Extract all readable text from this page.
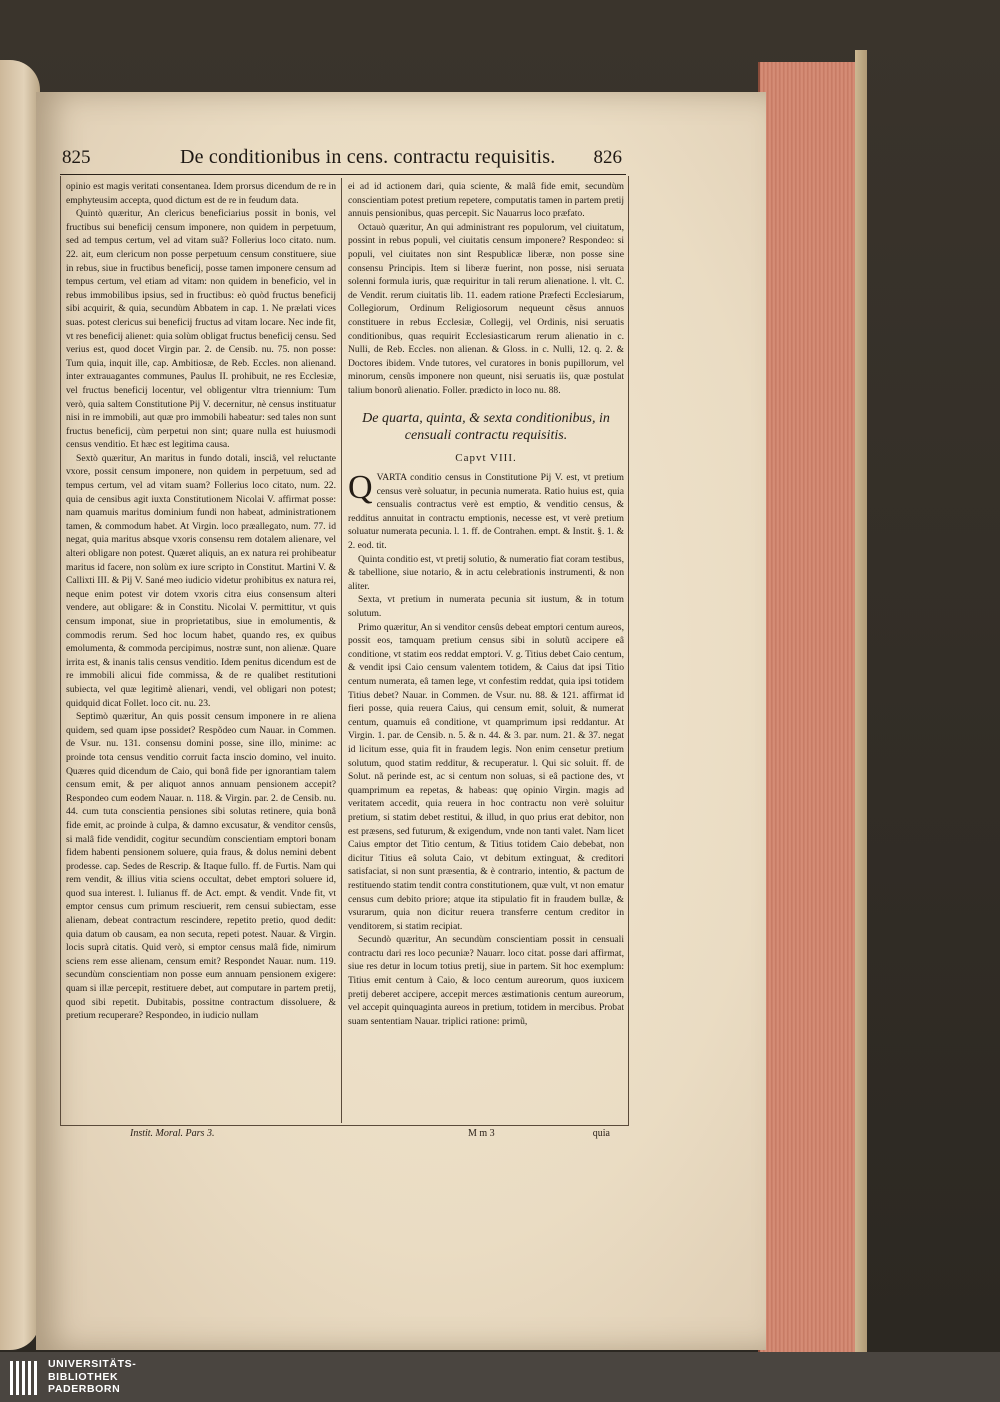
825	De conditionibus in cens. contractu requisitis. 826

opinio est magis veritati consentanea. Idem prorsus dicendum de re in emphyteusim accepta, quod dictum est de re in feudum data.

Quintò quæritur, An clericus beneficiarius possit in bonis, vel fructibus sui beneficij censum imponere, non quidem in perpetuum, sed ad tempus certum, vel ad vitam suã? Follerius loco citato. num. 22. ait, eum clericum non posse perpetuum censum constituere, siue in rebus, siue in fructibus beneficij, posse tamen imponere censum ad tempus certum, vel etiam ad vitam: non quidem in beneficio, vel in rebus immobilibus ipsius, sed in fructibus: eò quòd fructus beneficij sibi acquirit, & quia, secundùm Abbatem in cap. 1. Ne prælati vices suas. potest clericus sui beneficij fructus ad vitam locare. Nec inde fit, vt res beneficij alienet: quia solùm obligat fructus beneficij censu. Sed verius est, quod docet Virgin par. 2. de Censib. nu. 75. non posse: Tum quia, inquit ille, cap. Ambitiosæ, de Reb. Eccles. non alienand. inter extrauagantes communes, Paulus II. prohibuit, ne res Ecclesiæ, vel fructus beneficij locentur, vel obligentur vltra triennium: Tum verò, quia saltem Constitutione Pij V. decernitur, nè census instituatur nisi in re immobili, aut quæ pro immobili habeatur: sed tales non sunt fructus beneficij, cùm perpetui non sint; quare nulla est huiusmodi census venditio. Et hæc est legitima causa.

Sextò quæritur, An maritus in fundo dotali, insciâ, vel reluctante vxore, possit censum imponere, non quidem in perpetuum, sed ad tempus certum, vel ad vitam suam? Follerius loco citato, num. 22. quia de censibus agit iuxta Constitutionem Nicolai V. affirmat posse: nam quamuis maritus dominium fundi non habeat, administrationem tamen, & commodum habet. At Virgin. loco præallegato, num. 77. id negat, quia maritus absque vxoris consensu rem dotalem alienare, vel alteri obligare non potest. Quæret aliquis, an ex natura rei prohibeatur maritus id facere, non solùm ex iure scripto in Constitut. Martini V. & Callixti III. & Pij V. Sané meo iudicio videtur prohibitus ex natura rei, neque enim potest vir dotem vxoris citra eius consensum alteri vendere, aut obligare: & in Constitu. Nicolai V. permittitur, vt quis censum imponat, siue in proprietatibus, siue in emolumentis, & commodis rerum. Sed hoc locum habet, quando res, ex quibus emolumenta, & commoda percipimus, nostræ sunt, non alienæ. Quare irrita est, & inanis talis census venditio. Idem penitus dicendum est de re immobili alicui fide commissa, & de re qualibet restitutioni subiecta, vel quæ legitimè alienari, vendi, vel obligari non potest; quidquid dicat Follet. loco cit. nu. 23.

Septimò quæritur, An quis possit censum imponere in re aliena quidem, sed quam ipse possidet? Respõdeo cum Nauar. in Commen. de Vsur. nu. 131. consensu domini posse, sine illo, minime: ac proinde tota census venditio corruit facta inscio domino, vel inuito. Quæres quid dicendum de Caio, qui bonâ fide per ignorantiam talem censum emit, & per aliquot annos annuam pensionem accepit? Respondeo cum eodem Nauar. n. 118. & Virgin. par. 2. de Censib. nu. 44. cum tuta conscientia pensiones sibi solutas retinere, quia bonâ fide emit, ac proinde à culpa, & damno excusatur, & venditor censûs, si malâ fide vendidit, cogitur secundùm conscientiam emptori bonam fidem habenti pensionem soluere, quia fraus, & dolus nemini debent prodesse. cap. Sedes de Rescrip. & Itaque fullo. ff. de Furtis. Nam qui rem vendit, & illius vitia sciens occultat, debet emptori soluere id, quod sua interest. l. Iulianus ff. de Act. empt. & vendit. Vnde fit, vt emptor census cum primum resciuerit, rem censui subiectam, esse alienam, debeat contractum rescindere, repetito pretio, quod dedit: quia datum ob causam, ea non secuta, repeti potest. Nauar. & Virgin. locis suprà citatis. Quid verò, si emptor census malâ fide, nimirum sciens rem esse alienam, censum emit? Respondet Nauar. num. 119. secundùm conscientiam non posse eum annuam pensionem exigere: quam si illæ percepit, restituere debet, aut computare in partem pretij, quod sibi repetit. Dubitabis, possitne contractum dissoluere, & pretium recuperare? Respondeo, in iudicio nullam

ei ad id actionem dari, quia sciente, & malâ fide emit, secundùm conscientiam potest pretium repetere, computatis tamen in partem pretij annuis pensionibus, quas percepit. Sic Nauarrus loco præfato.

Octauò quæritur, An qui administrant res populorum, vel ciuitatum, possint in rebus populi, vel ciuitatis censum imponere? Respondeo: si populi, vel ciuitates non sint Respublicæ liberæ, non posse sine consensu Principis. Item si liberæ fuerint, non posse, nisi seruata solenni formula iuris, quæ requiritur in tali rerum alienatione. l. vlt. C. de Vendit. rerum ciuitatis lib. 11. eadem ratione Præfecti Ecclesiarum, Collegiorum, Ordinum Religiosorum nequeunt cẽsus annuos constituere in rebus Ecclesiæ, Collegij, vel Ordinis, nisi seruatis conditionibus, quas requirit Ecclesiasticarum rerum alienatio in c. Nulli, de Reb. Eccles. non alienan. & Gloss. in c. Nulli, 12. q. 2. & Doctores ibidem. Vnde tutores, vel curatores in bonis pupillorum, vel minorum, censũs imponere non queunt, nisi seruatis iis, quæ postulat talium bonorũ alienatio. Foller. prædicto in loco nu. 88.

De quarta, quinta, & sexta conditionibus, in censuali contractu requisitis.

Capvt VIII.

QVARTA conditio census in Constitutione Pij V. est, vt pretium census verè soluatur, in pecunia numerata. Ratio huius est, quia censualis contractus verè est emptio, & venditio census, & redditus annuitat in contractu emptionis, necesse est, vt verè pretium soluatur numerata pecunia. l. 1. ff. de Contrahen. empt. & Instit. §. 1. & 2. eod. tit.

Quinta conditio est, vt pretij solutio, & numeratio fiat coram testibus, & tabellione, siue notario, & in actu celebrationis instrumenti, & non aliter.

Sexta, vt pretium in numerata pecunia sit iustum, & in totum solutum.

Primo quæritur, An si venditor censûs debeat emptori centum aureos, possit eos, tamquam pretium census sibi in solutũ accipere eâ conditione, vt statim eos reddat emptori. V. g. Titius debet Caio centum, & vendit ipsi Caio censum valentem totidem, & Caius dat ipsi Titio centum numerata, eâ tamen lege, vt confestim reddat, quia ipsi totidem Titius debet? Nauar. in Commen. de Vsur. nu. 88. & 121. affirmat id fieri posse, quia reuera Caius, qui censum emit, soluit, & numerat centum, quamuis eâ conditione, vt quamprimum ipsi reddantur. At Virgin. 1. par. de Censib. n. 5. & n. 44. & 3. par. num. 21. & 37. negat id licitum esse, quia fit in fraudem legis. Non enim censetur pretium solutum, quod statim redditur, & recuperatur. l. Qui sic soluit. ff. de Solut. nã perinde est, ac si centum non soluas, si eâ pactione des, vt quamprimum ea repetas, & habeas: quę opinio Virgin. magis ad veritatem accedit, quia reuera in hoc contractu non verè soluitur pretium, si statim debet restitui, & illud, in quo prius erat debitor, non est præsens, sed futurum, & exigendum, vnde non tanti valet. Nam licet Caius emptor det Titio centum, & Titius totidem Caio debebat, non dicitur Titius eâ soluta Caio, vt debitum extinguat, & creditori satisfaciat, si non sunt præsentia, & è contrario, intentio, & pactum de restituendo statim tendit contra constitutionem, quæ vult, vt non ematur census cum debito priore; atque ita stipulatio fit in fraudem bullæ, & vsurarum, quia non dicitur reuera transferre centum creditor in venditorem, si statim recipiat.

Secundò quæritur, An secundùm conscientiam possit in censuali contractu dari res loco pecuniæ? Nauarr. loco citat. posse dari affirmat, siue res detur in locum totius pretij, siue in partem. Sit hoc exemplum: Titius emit centum à Caio, & loco centum aureorum, quos iuxicem pretij deberet accipere, accepit merces æstimationis centum aureorum, vel accepit quinquaginta aureos in pretium, totidem in mercibus. Probat suam sententiam Nauar. triplici ratione: primũ,

Instit. Moral. Pars 3.	M m 3	quia
UNIVERSITÄTS-
BIBLIOTHEK
PADERBORN
